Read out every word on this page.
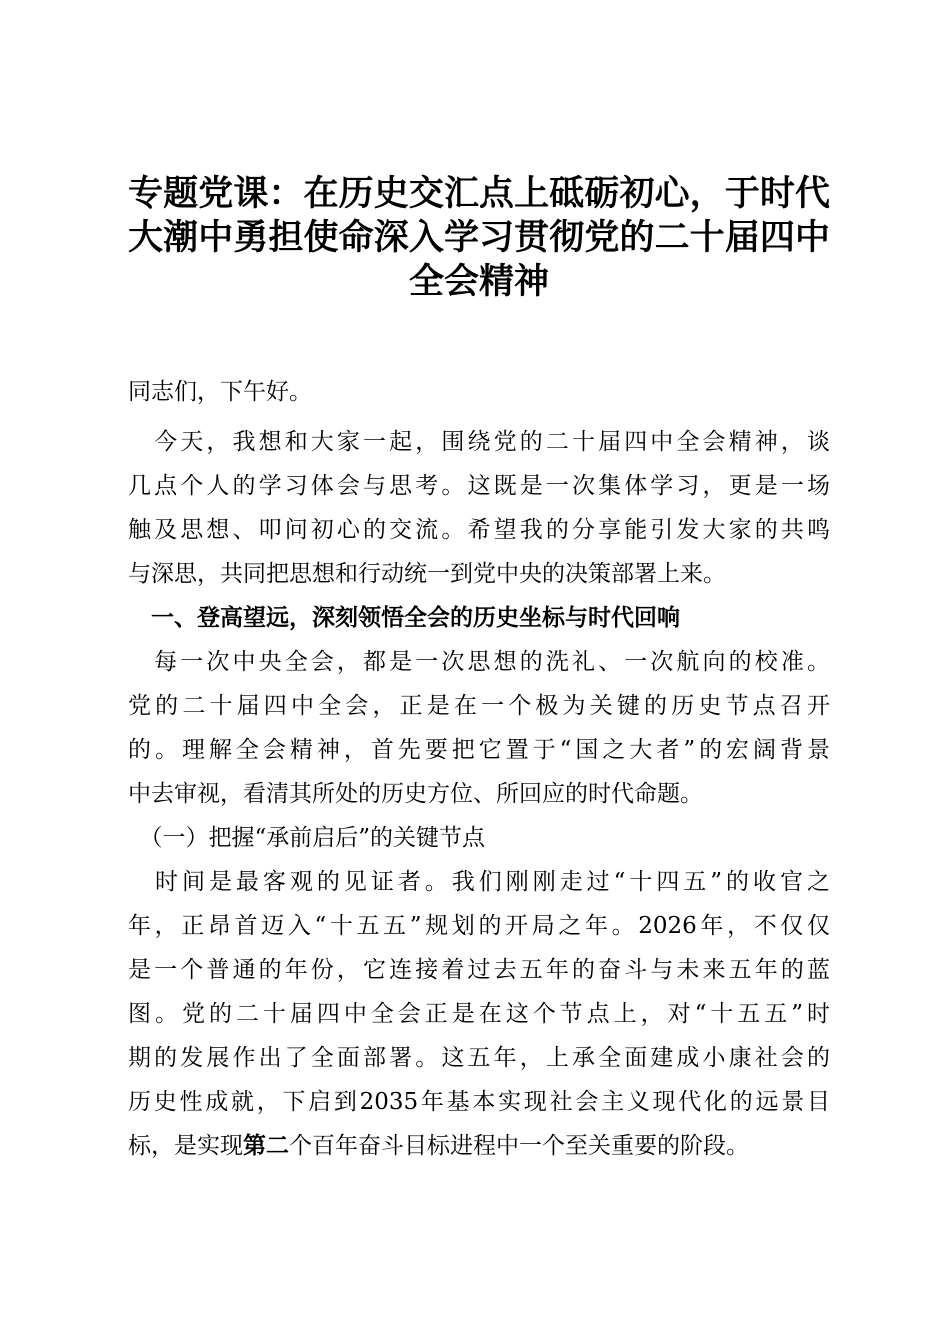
专题党课：在历史交汇点上砥砺初心，于时代
大潮中勇担使命深入学习贯彻党的二十届四中
全会精神
同志们，下午好。
　今天，我想和大家一起，围绕党的二十届四中全会精神，谈
几点个人的学习体会与思考。这既是一次集体学习，更是一场
触及思想、叩问初心的交流。希望我的分享能引发大家的共鸣
与深思，共同把思想和行动统一到党中央的决策部署上来。
　一、登高望远，深刻领悟全会的历史坐标与时代回响
　每一次中央全会，都是一次思想的洗礼、一次航向的校准。
党的二十届四中全会，正是在一个极为关键的历史节点召开
的。理解全会精神，首先要把它置于“国之大者”的宏阔背景
中去审视，看清其所处的历史方位、所回应的时代命题。
　（一）把握“承前启后”的关键节点
　时间是最客观的见证者。我们刚刚走过“十四五”的收官之
年，正昂首迈入“十五五”规划的开局之年。2026年，不仅仅
是一个普通的年份，它连接着过去五年的奋斗与未来五年的蓝
图。党的二十届四中全会正是在这个节点上，对“十五五”时
期的发展作出了全面部署。这五年，上承全面建成小康社会的
历史性成就，下启到2035年基本实现社会主义现代化的远景目
标，是实现第二个百年奋斗目标进程中一个至关重要的阶段。
